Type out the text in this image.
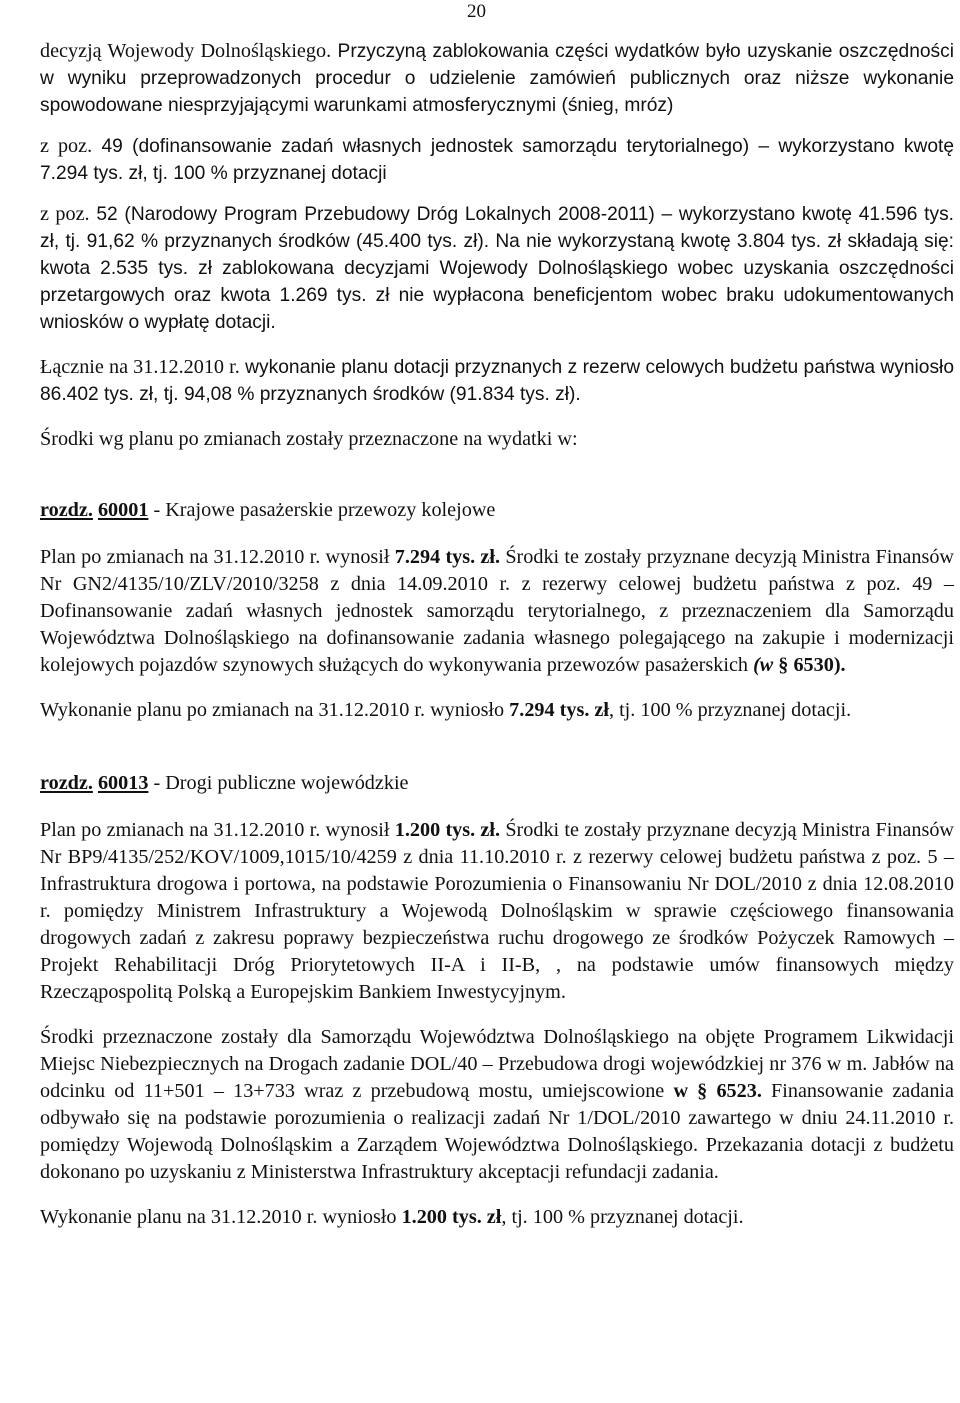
20

decyzją Wojewody Dolnośląskiego. Przyczyną zablokowania części wydatków było uzyskanie oszczędności w wyniku przeprowadzonych procedur o udzielenie zamówień publicznych oraz niższe wykonanie spowodowane niesprzyjającymi warunkami atmosferycznymi (śnieg, mróz)

z poz. 49 (dofinansowanie zadań własnych jednostek samorządu terytorialnego) – wykorzystano kwotę 7.294 tys. zł, tj. 100 % przyznanej dotacji

z poz. 52 (Narodowy Program Przebudowy Dróg Lokalnych 2008-2011) – wykorzystano kwotę 41.596 tys. zł, tj. 91,62 % przyznanych środków (45.400 tys. zł). Na nie wykorzystaną kwotę 3.804 tys. zł składają się: kwota 2.535 tys. zł zablokowana decyzjami Wojewody Dolnośląskiego wobec uzyskania oszczędności przetargowych oraz kwota 1.269 tys. zł nie wypłacona beneficjentom wobec braku udokumentowanych wniosków o wypłatę dotacji.

Łącznie na 31.12.2010 r. wykonanie planu dotacji przyznanych z rezerw celowych budżetu państwa wyniosło 86.402 tys. zł, tj. 94,08 % przyznanych środków (91.834 tys. zł).

Środki wg planu po zmianach zostały przeznaczone na wydatki w:

rozdz. 60001 - Krajowe pasażerskie przewozy kolejowe

Plan po zmianach na 31.12.2010 r. wynosił 7.294 tys. zł. Środki te zostały przyznane decyzją Ministra Finansów Nr GN2/4135/10/ZLV/2010/3258 z dnia 14.09.2010 r. z rezerwy celowej budżetu państwa z poz. 49 – Dofinansowanie zadań własnych jednostek samorządu terytorialnego, z przeznaczeniem dla Samorządu Województwa Dolnośląskiego na dofinansowanie zadania własnego polegającego na zakupie i modernizacji kolejowych pojazdów szynowych służących do wykonywania przewozów pasażerskich (w § 6530).

Wykonanie planu po zmianach na 31.12.2010 r. wyniosło 7.294 tys. zł, tj. 100 % przyznanej dotacji.

rozdz. 60013 - Drogi publiczne wojewódzkie

Plan po zmianach na 31.12.2010 r. wynosił 1.200 tys. zł. Środki te zostały przyznane decyzją Ministra Finansów Nr BP9/4135/252/KOV/1009,1015/10/4259 z dnia 11.10.2010 r. z rezerwy celowej budżetu państwa z poz. 5 – Infrastruktura drogowa i portowa, na podstawie Porozumienia o Finansowaniu Nr DOL/2010 z dnia 12.08.2010 r. pomiędzy Ministrem Infrastruktury a Wojewodą Dolnośląskim w sprawie częściowego finansowania drogowych zadań z zakresu poprawy bezpieczeństwa ruchu drogowego ze środków Pożyczek Ramowych – Projekt Rehabilitacji Dróg Priorytetowych II-A i II-B, , na podstawie umów finansowych między Rzecząpospolitą Polską a Europejskim Bankiem Inwestycyjnym.

Środki przeznaczone zostały dla Samorządu Województwa Dolnośląskiego na objęte Programem Likwidacji Miejsc Niebezpiecznych na Drogach zadanie DOL/40 – Przebudowa drogi wojewódzkiej nr 376 w m. Jabłów na odcinku od 11+501 – 13+733 wraz z przebudową mostu, umiejscowione w § 6523. Finansowanie zadania odbywało się na podstawie porozumienia o realizacji zadań Nr 1/DOL/2010 zawartego w dniu 24.11.2010 r. pomiędzy Wojewodą Dolnośląskim a Zarządem Województwa Dolnośląskiego. Przekazania dotacji z budżetu dokonano po uzyskaniu z Ministerstwa Infrastruktury akceptacji refundacji zadania.

Wykonanie planu na 31.12.2010 r. wyniosło 1.200 tys. zł, tj. 100 % przyznanej dotacji.
